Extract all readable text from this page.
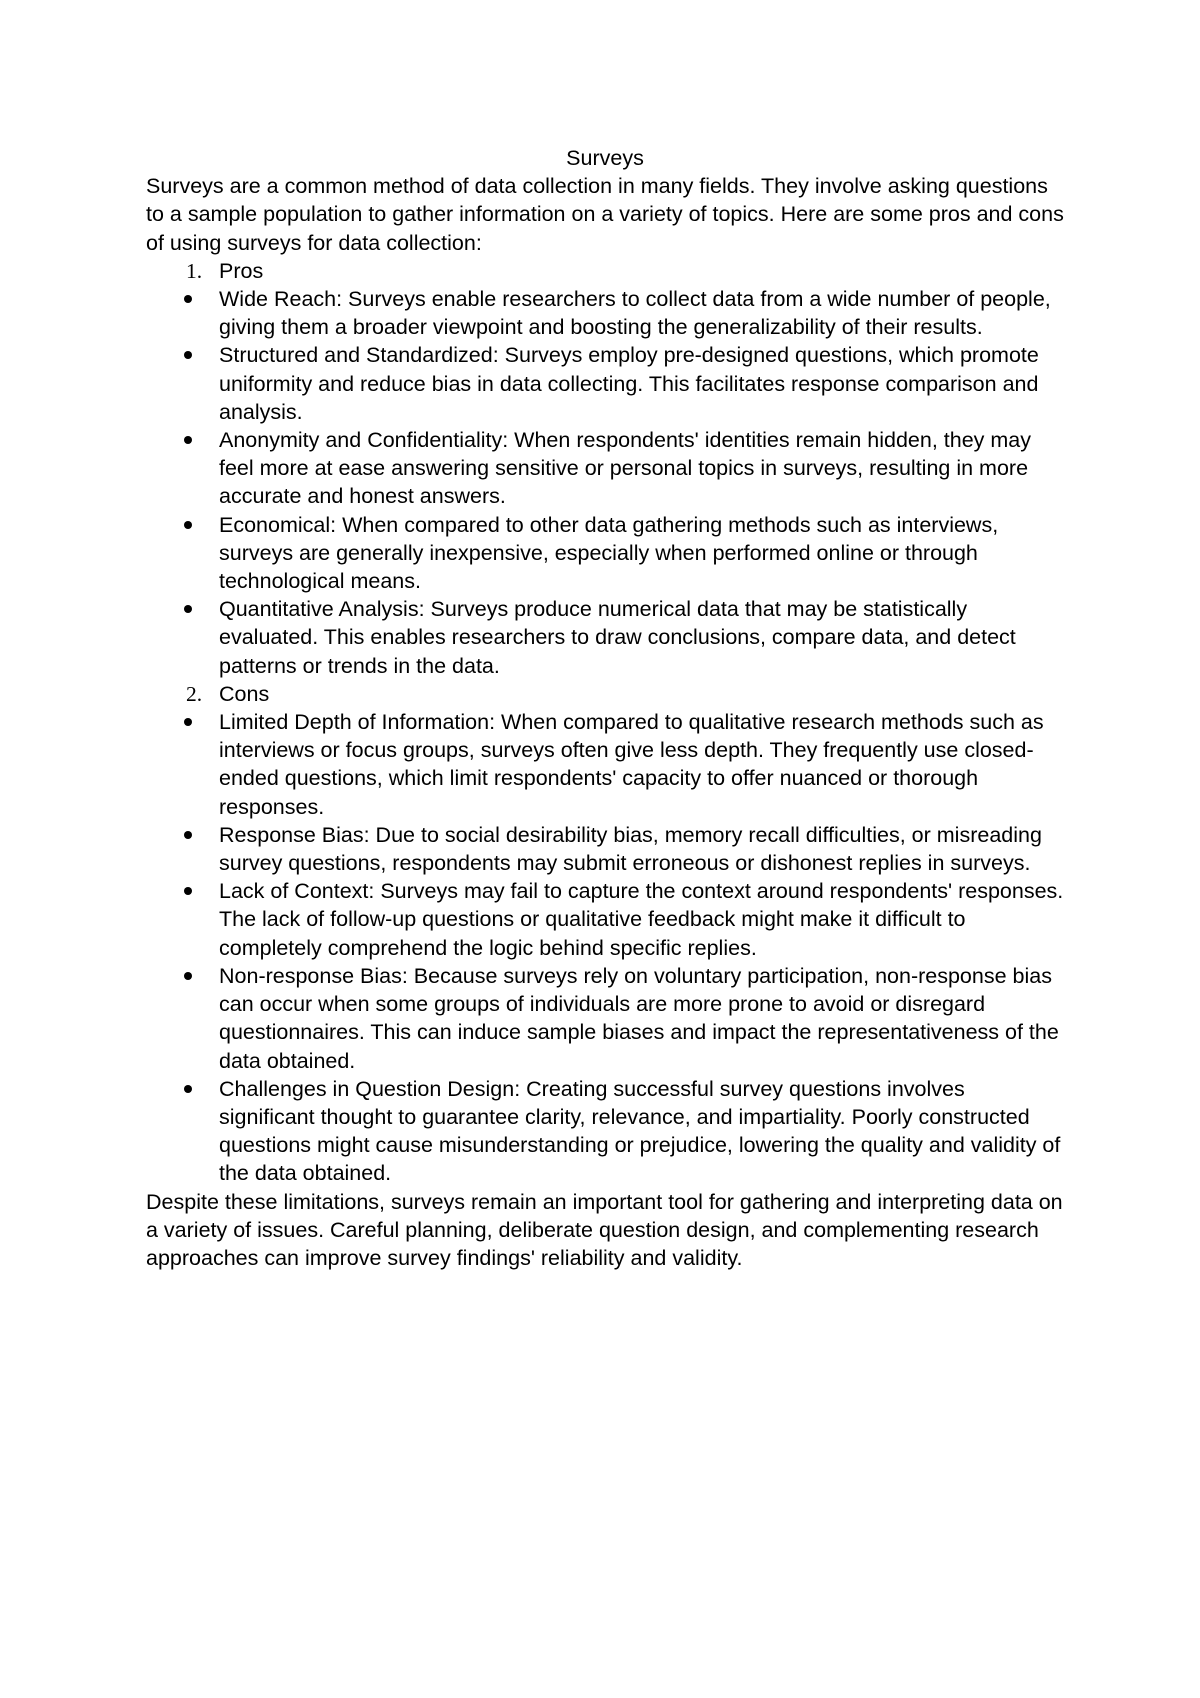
Surveys

Surveys are a common method of data collection in many fields. They involve asking questions to a sample population to gather information on a variety of topics. Here are some pros and cons of using surveys for data collection:

1. Pros
Wide Reach: Surveys enable researchers to collect data from a wide number of people, giving them a broader viewpoint and boosting the generalizability of their results.
Structured and Standardized: Surveys employ pre-designed questions, which promote uniformity and reduce bias in data collecting. This facilitates response comparison and analysis.
Anonymity and Confidentiality: When respondents' identities remain hidden, they may feel more at ease answering sensitive or personal topics in surveys, resulting in more accurate and honest answers.
Economical: When compared to other data gathering methods such as interviews, surveys are generally inexpensive, especially when performed online or through technological means.
Quantitative Analysis: Surveys produce numerical data that may be statistically evaluated. This enables researchers to draw conclusions, compare data, and detect patterns or trends in the data.
2. Cons
Limited Depth of Information: When compared to qualitative research methods such as interviews or focus groups, surveys often give less depth. They frequently use closed-ended questions, which limit respondents' capacity to offer nuanced or thorough responses.
Response Bias: Due to social desirability bias, memory recall difficulties, or misreading survey questions, respondents may submit erroneous or dishonest replies in surveys.
Lack of Context: Surveys may fail to capture the context around respondents' responses. The lack of follow-up questions or qualitative feedback might make it difficult to completely comprehend the logic behind specific replies.
Non-response Bias: Because surveys rely on voluntary participation, non-response bias can occur when some groups of individuals are more prone to avoid or disregard questionnaires. This can induce sample biases and impact the representativeness of the data obtained.
Challenges in Question Design: Creating successful survey questions involves significant thought to guarantee clarity, relevance, and impartiality. Poorly constructed questions might cause misunderstanding or prejudice, lowering the quality and validity of the data obtained.

Despite these limitations, surveys remain an important tool for gathering and interpreting data on a variety of issues. Careful planning, deliberate question design, and complementing research approaches can improve survey findings' reliability and validity.
